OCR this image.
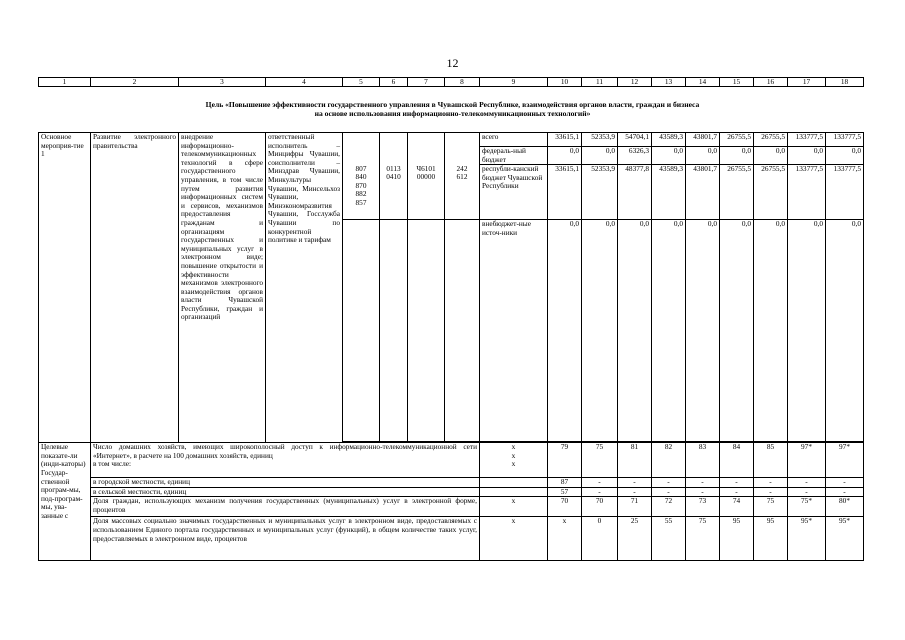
12
1	2	3	4	5	6	7	8	9	10	11	12	13	14	15	16	17	18
Цель «Повышение эффективности государственного управления в Чувашской Республике, взаимодействия органов власти, граждан и бизнеса
на основе использования информационно-телекоммуникационных технологий»
Основное мероприя-тие 1	Развитие электронного правительства	внедрение информационно-телекоммуникационных технологий в сфере государственного управления, в том числе путем развития информационных систем и сервисов, механизмов предоставления гражданам и организациям государственных и муниципальных услуг в электронном виде; повышение открытости и эффективности механизмов электронного взаимодействия органов власти Чувашской Республики, граждан и организаций	ответственный исполнитель – Минцифры Чувашии, соисполнители – Минздрав Чувашии, Минкультуры Чувашии, Минсельхоз Чувашии, Минэкономразвития Чувашии, Госслужба Чувашии по конкурентной политике и тарифам					всего	33615,1	52353,9	54704,1	43589,3	43801,7	26755,5	26755,5	133777,5	133777,5
								федераль-ный бюджет	0,0	0,0	6326,3	0,0	0,0	0,0	0,0	0,0	0,0
				807
840
870
882
857	0113
0410	Ч6101
00000	242
612	республи-канский бюджет Чувашской Республики	33615,1	52353,9	48377,8	43589,3	43801,7	26755,5	26755,5	133777,5	133777,5
								внебюджет-ные источ-ники	0,0	0,0	0,0	0,0	0,0	0,0	0,0	0,0	0,0

Целевые показате-ли (инди-каторы) Государ-ственной програм-мы, под-програм-мы, ува-занные с	Число домашних хозяйств, имеющих широкополосный доступ к информационно-телекоммуникационной сети «Интернет», в расчете на 100 домашних хозяйств, единиц
в том числе:							x
x
x	79	75	81	82	83	84	85	97*	97*
	в городской местности, единиц								87	-	-	-	-	-	-	-	-
	в сельской местности, единиц								57	-	-	-	-	-	-	-	-
	Доля граждан, использующих механизм получения государственных (муниципальных) услуг в электронной форме, процентов							x	70	70	71	72	73	74	75	75*	80*
	Доля массовых социально значимых государственных и муниципальных услуг в электронном виде, предоставляемых с использованием Единого портала государственных и муниципальных услуг (функций), в общем количестве таких услуг, предоставляемых в электронном виде, процентов							x	x	0	25	55	75	95	95	95*	95*
